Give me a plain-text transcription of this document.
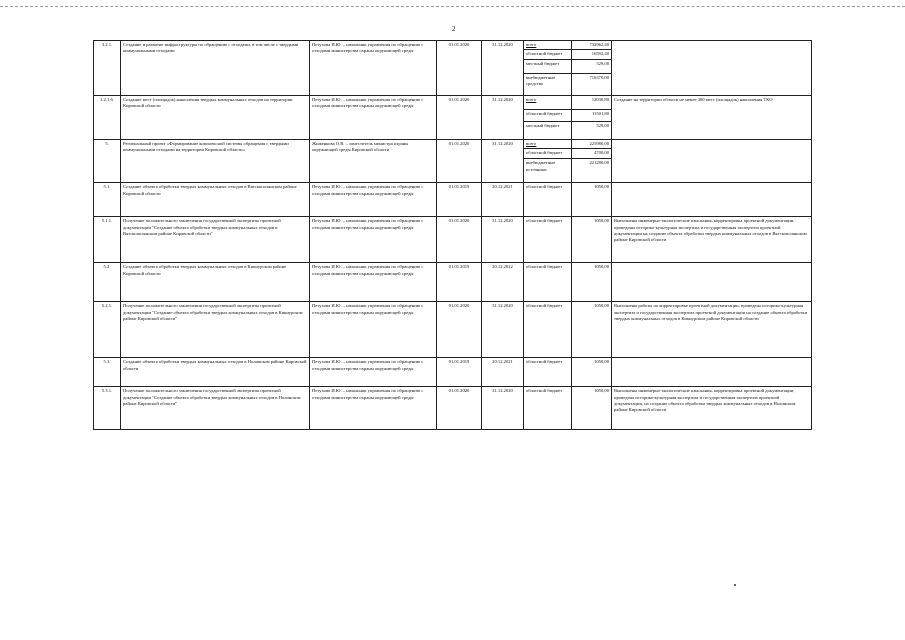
2
3.2.1.	Создание и развитие инфраструктуры по обращению с отходами, в том числе с твердыми коммунальными отходами	Петухова И.Ю. – начальник управления по обращению с отходами министерства охраны окружающей среды	01.01.2020	31.12.2020	всего	732962,40	
					областной бюджет	16592,40	
					местный бюджет	529,00	
					внебюджетные средства	716370,00	
3.2.1.6.	Создание мест (площадок) накопления твердых коммунальных отходов на территории Кировской области	Петухова И.Ю. – начальник управления по обращению с отходами министерства охраны окружающей среды	01.01.2020	31.12.2020	всего	12030,80	Создание на территории области не менее 300 мест (площадок) накопления ТКО
					областной бюджет	11501,80	
					местный бюджет	529,00	
5.	Региональный проект «Формирование комплексной системы обращения с твердыми коммунальными отходами на территории Кировской области»	Жиженкова О.В. – заместитель министра охраны окружающей среды Кировской области	01.01.2020	31.12.2020	всего	225980,00	
					областной бюджет	4700,00	
					внебюджетные источники	221280,00	
5.1.	Создание объекта обработки твердых коммунальных отходов в Вятскополянском районе Кировской области	Петухова И.Ю. – начальник управления по обращению с отходами министерства охраны окружающей среды	01.01.2019	20.12.2021	областной бюджет	1050,00	
5.1.1.	Получение положительного заключения государственной экспертизы проектной документации "Создание объекта обработки твердых коммунальных отходов в Вятскополянском районе Кировской области"	Петухова И.Ю. – начальник управления по обращению с отходами министерства охраны окружающей среды	01.01.2020	31.12.2020	областной бюджет	1050,00	Выполнены инженерно-экологические изыскания, корректировка проектной документации, проведены историко-культурная экспертиза и государственная экспертиза проектной документации на создание объекта обработки твердых коммунальных отходов в Вятскополянском районе Кировской области
5.2.	Создание объекта обработки твердых коммунальных отходов в Кикнурском районе Кировской области	Петухова И.Ю. – начальник управления по обращению с отходами министерства охраны окружающей среды	01.01.2019	20.12.2022	областной бюджет	1050,00	
5.2.1.	Получение положительного заключения государственной экспертизы проектной документации "Создание объекта обработки твердых коммунальных отходов в Кикнурском районе Кировской области"	Петухова И.Ю. – начальник управления по обращению с отходами министерства охраны окружающей среды	01.01.2020	31.12.2020	областной бюджет	1050,00	Выполнены работы по корректировке проектной документации, проведена историко-культурная экспертиза и государственная экспертиза проектной документации на создание объекта обработки твердых коммунальных отходов в Кикнурском районе Кировской области
5.3.	Создание объекта обработки твердых коммунальных отходов в Нолинском районе Кировской области	Петухова И.Ю. – начальник управления по обращению с отходами министерства охраны окружающей среды	01.01.2019	20.12.2021	областной бюджет	1050,00	
5.3.1.	Получение положительного заключения государственной экспертизы проектной документации "Создание объекта обработки твердых коммунальных отходов в Нолинском районе Кировской области"	Петухова И.Ю. – начальник управления по обращению с отходами министерства охраны окружающей среды	01.01.2020	31.12.2020	областной бюджет	1050,00	Выполнены инженерно-экологические изыскания, корректировка проектной документации, проведена историко-культурная экспертиза и государственная экспертиза проектной документации, на создание объекта обработки твердых коммунальных отходов в Нолинском районе Кировской области
